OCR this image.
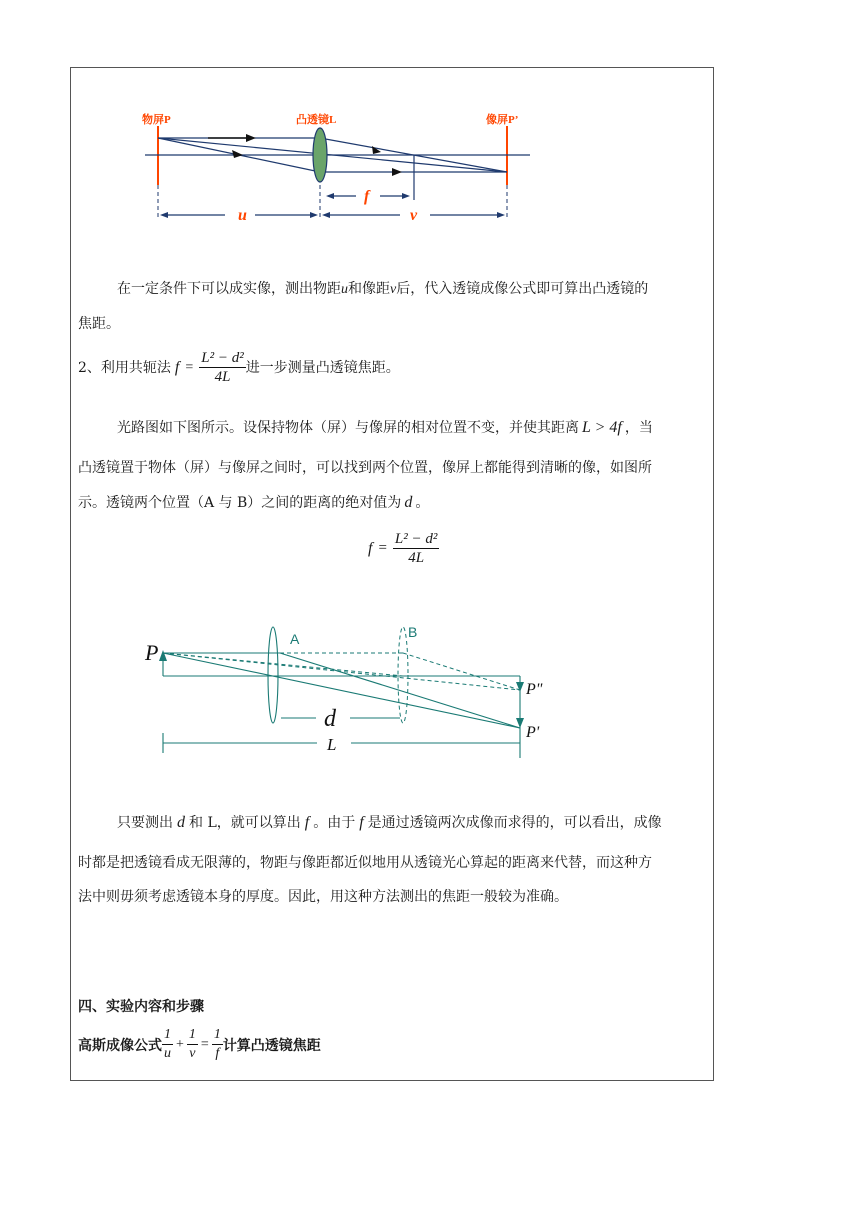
物屏P	凸透镜L	像屏P’
f
u	v
在一定条件下可以成实像，测出物距u和像距v后，代入透镜成像公式即可算出凸透镜的
焦距。
2、利用共轭法 $f = \frac{\text{L² − d²}}{4L}$ 进一步测量凸透镜焦距。
光路图如下图所示。设保持物体（屏）与像屏的相对位置不变，并使其距离 L > 4f ，当
凸透镜置于物体（屏）与像屏之间时，可以找到两个位置，像屏上都能得到清晰的像，如图所
示。透镜两个位置（A 与 B）之间的距离的绝对值为 d 。
$f = \frac{\text{L² − d²}}{4L}$
P
A	B
P"
P'
d
L
只要测出 d 和 L，就可以算出 f 。由于 f 是通过透镜两次成像而求得的，可以看出，成像
时都是把透镜看成无限薄的，物距与像距都近似地用从透镜光心算起的距离来代替，而这种方
法中则毋须考虑透镜本身的厚度。因此，用这种方法测出的焦距一般较为准确。
四、实验内容和步骤
高斯成像公式 $\frac{1}{u} + \frac{1}{v} = \frac{1}{f}$ 计算凸透镜焦距
